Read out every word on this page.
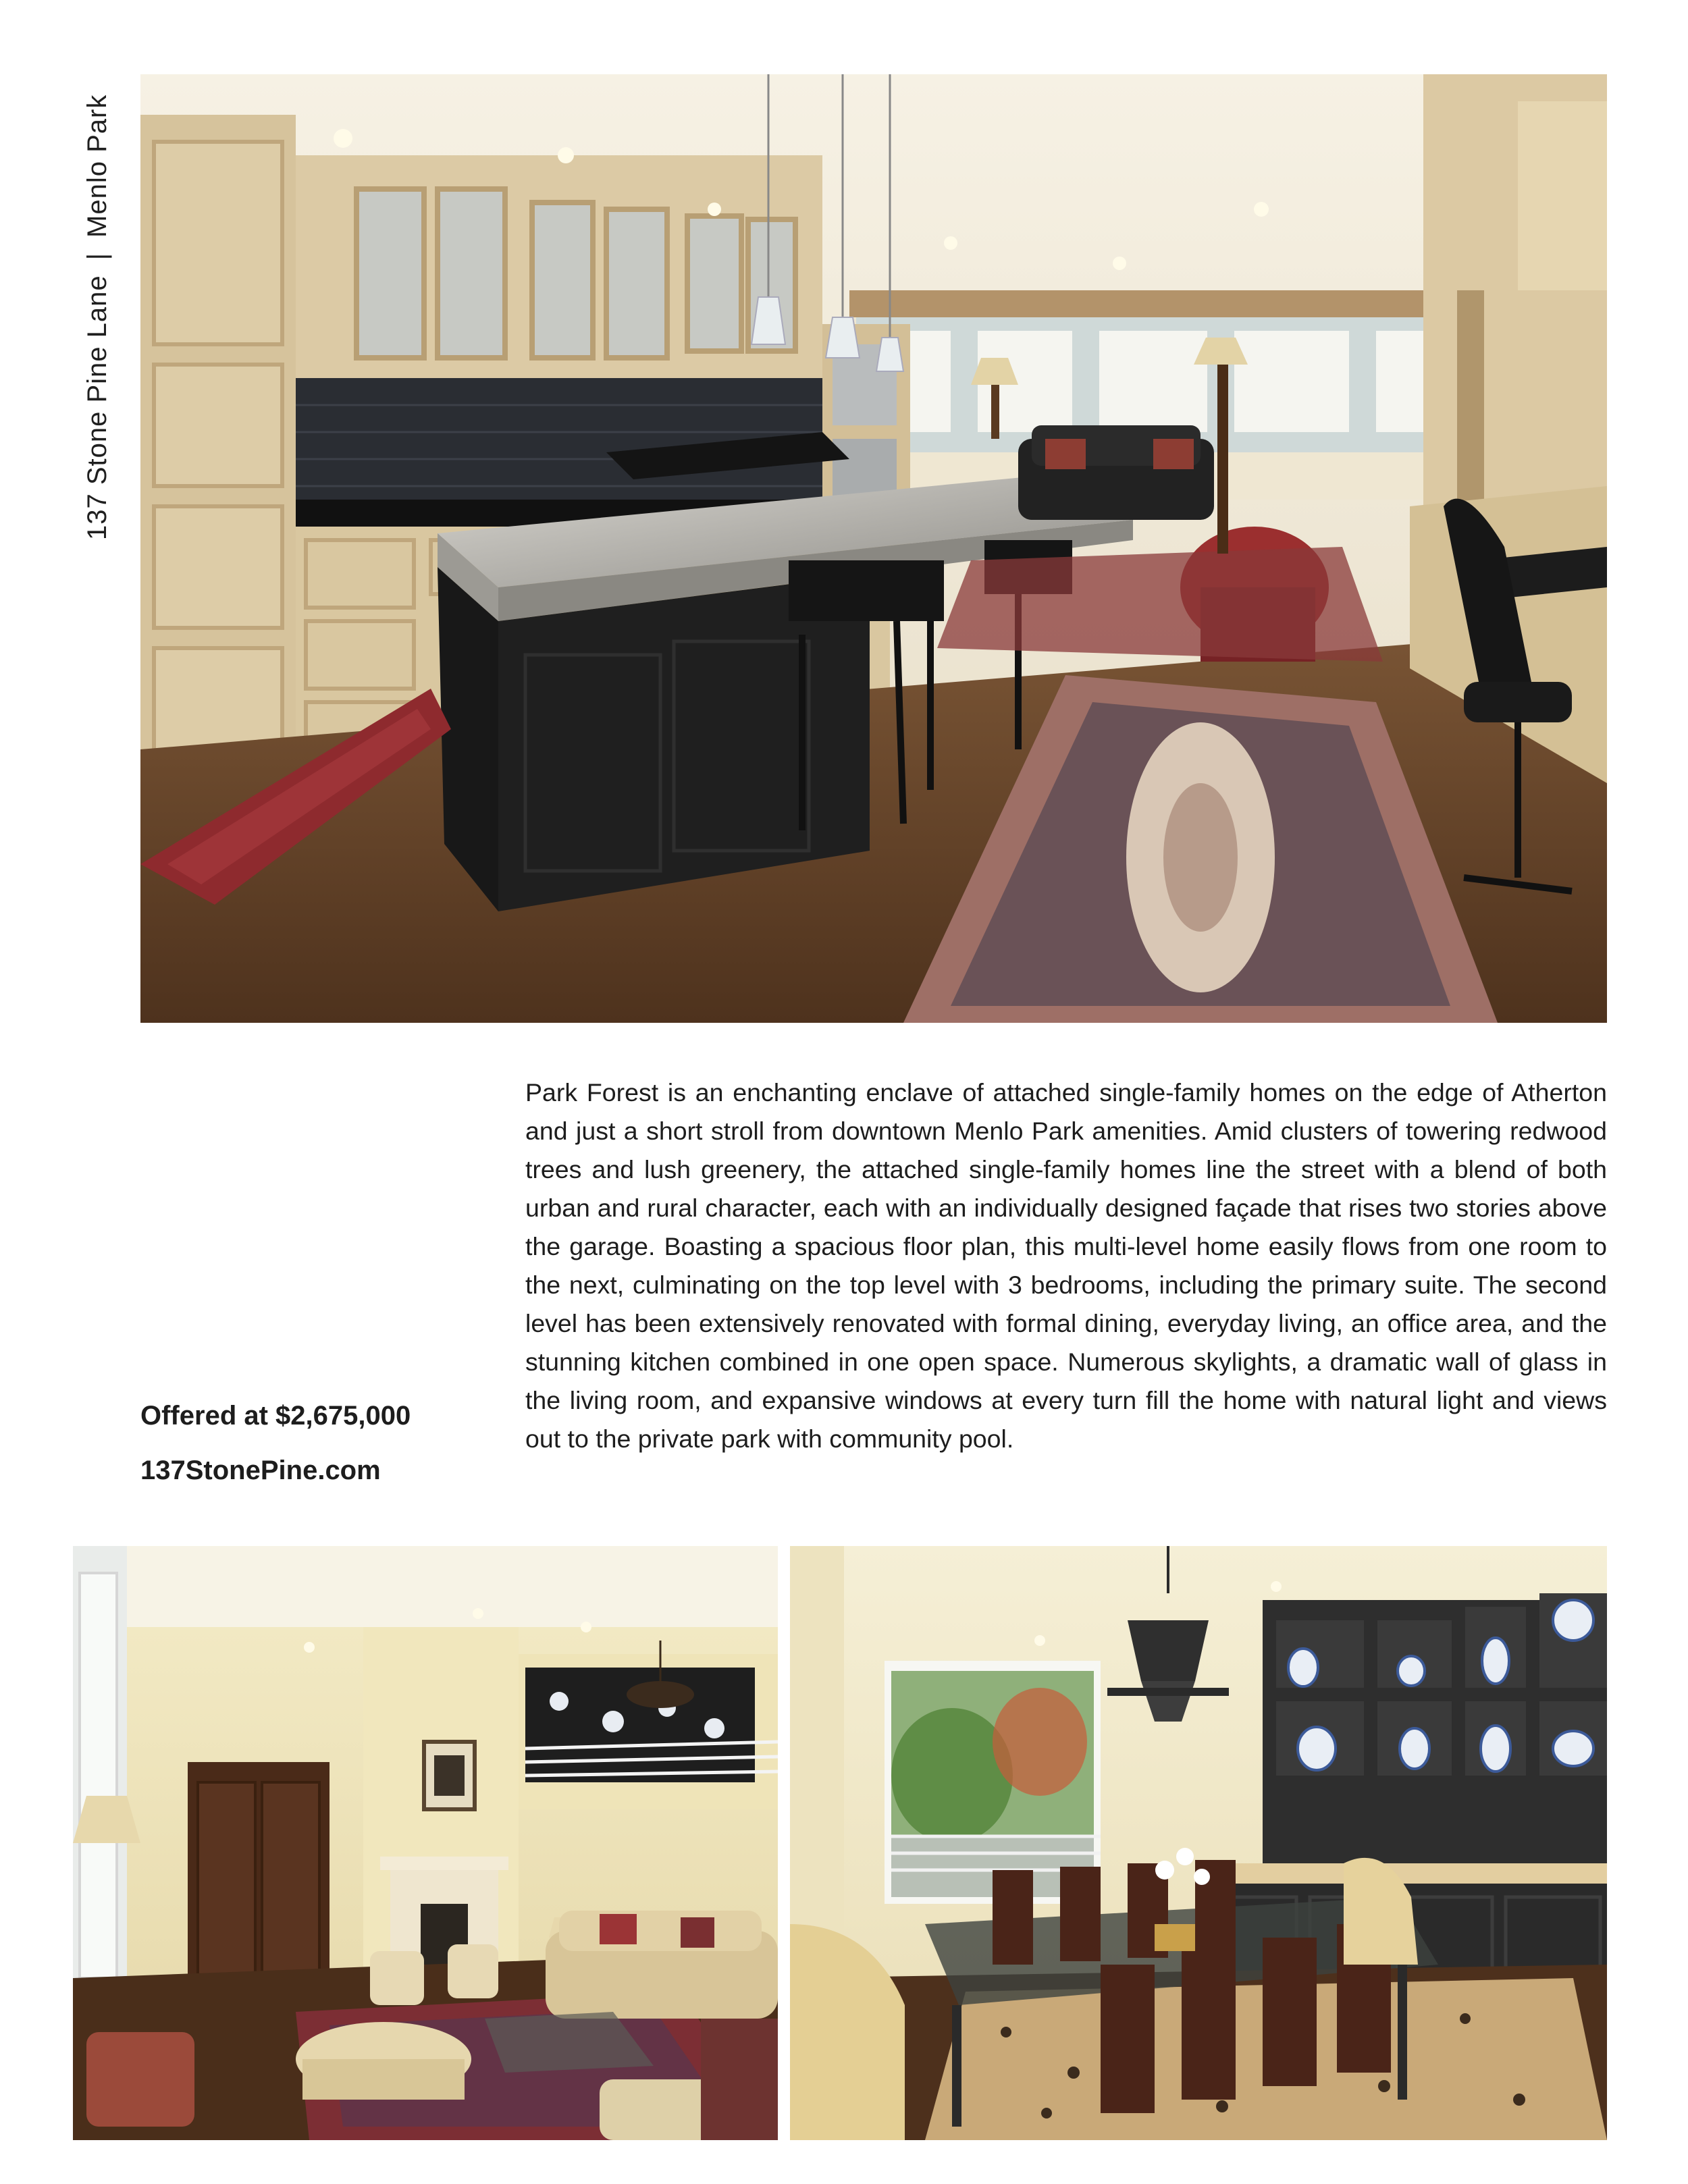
137 Stone Pine Lane|Menlo Park

Park Forest is an enchanting enclave of attached single-family homes on the edge of Atherton and just a short stroll from downtown Menlo Park amenities. Amid clusters of towering redwood trees and lush greenery, the attached single-family homes line the street with a blend of both urban and rural character, each with an individually designed façade that rises two stories above the garage. Boasting a spacious floor plan, this multi-level home easily flows from one room to the next, culminating on the top level with 3 bedrooms, including the primary suite. The second level has been extensively renovated with formal dining, everyday living, an office area, and the stunning kitchen combined in one open space. Numerous skylights, a dramatic wall of glass in the living room, and expansive windows at every turn fill the home with natural light and views out to the private park with community pool.

Offered at $2,675,000
137StonePine.com
